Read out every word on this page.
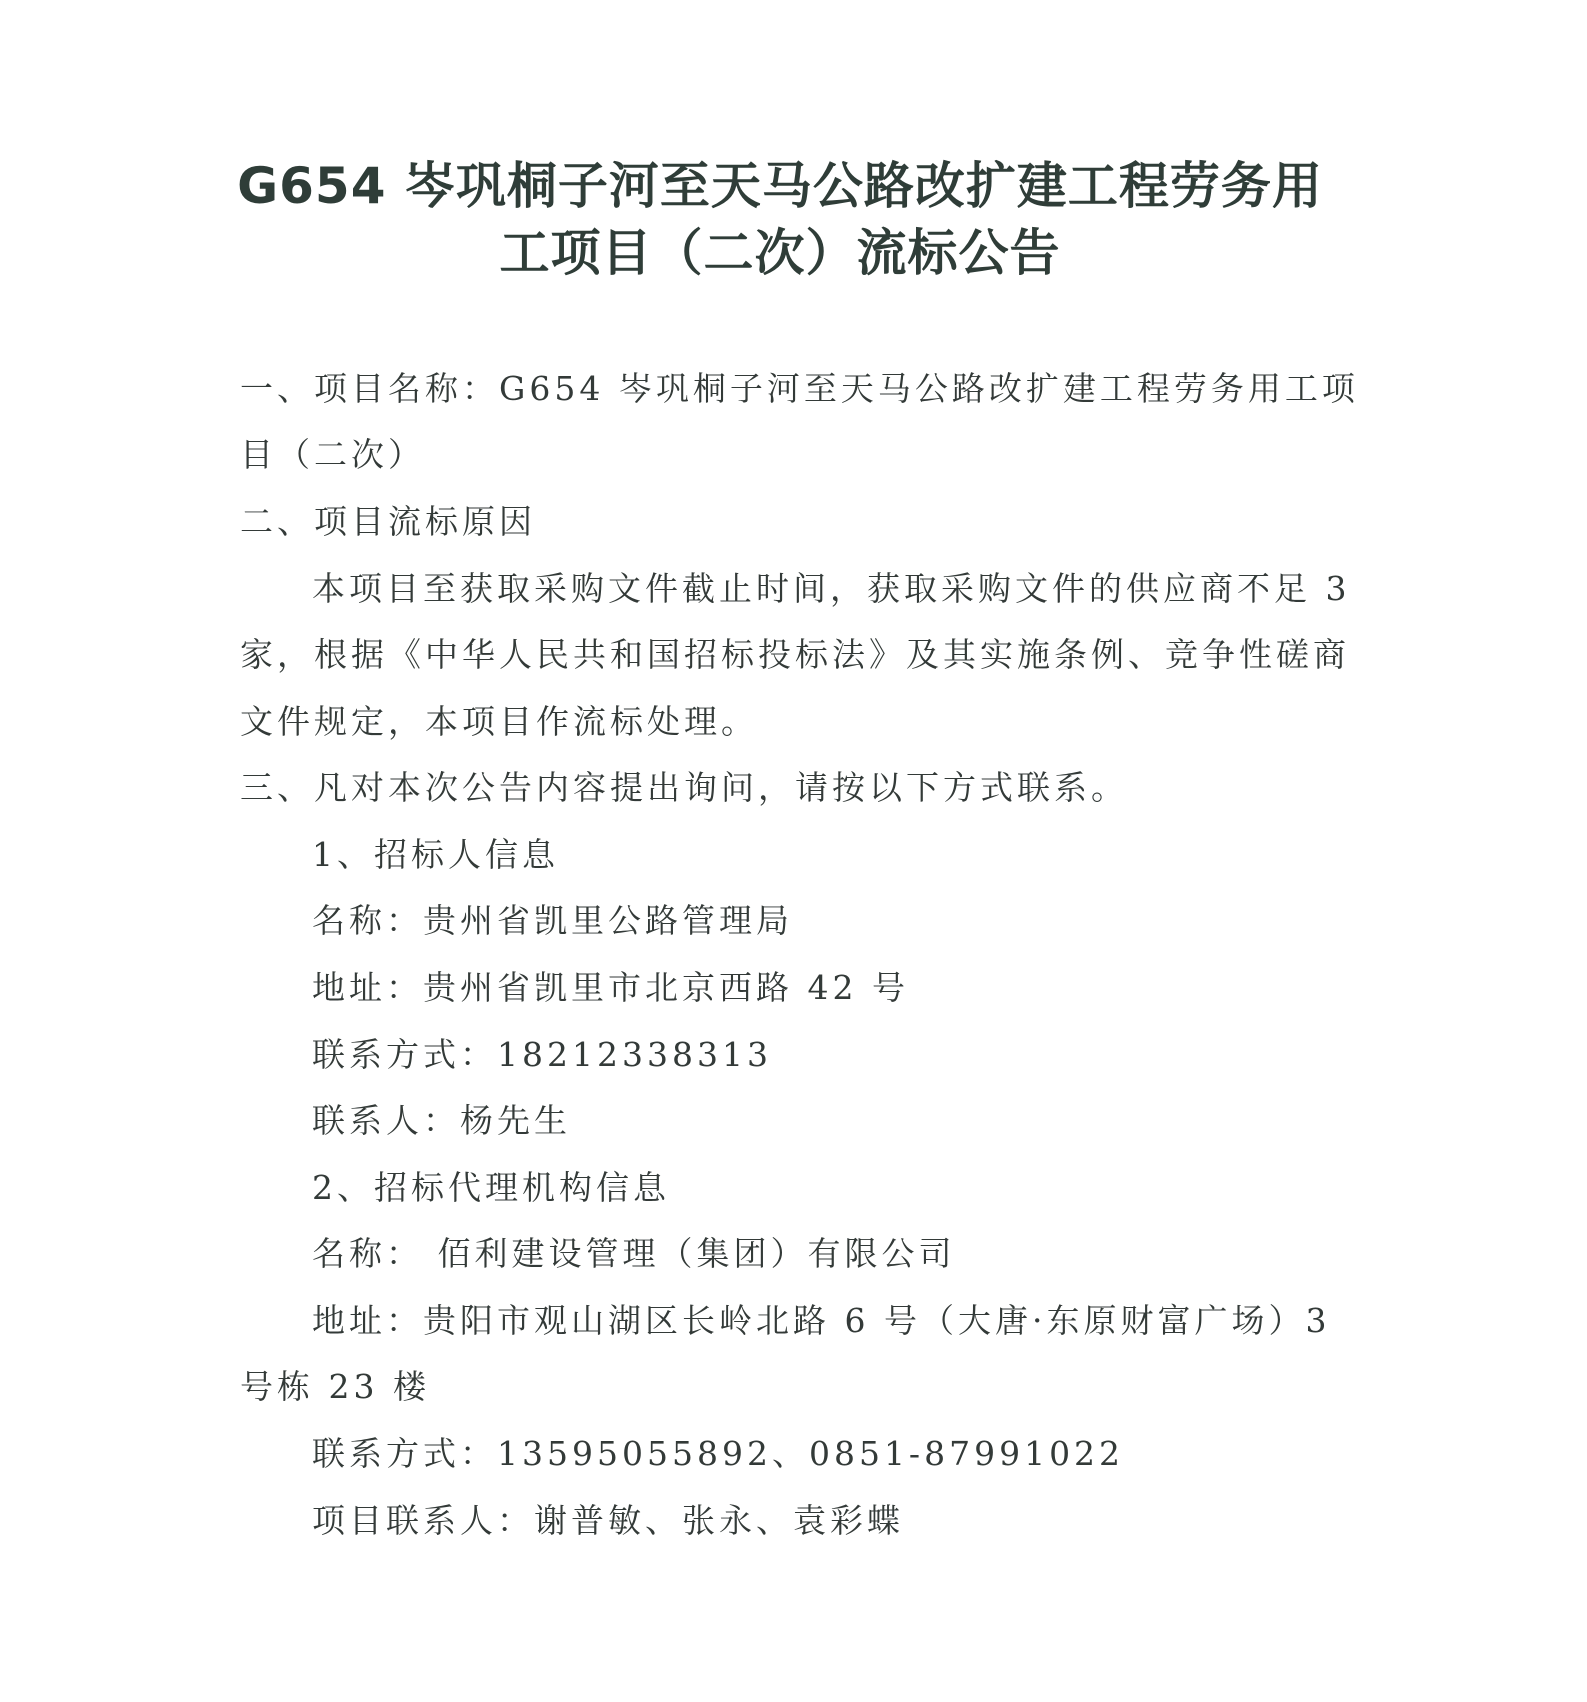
G654 岑巩桐子河至天马公路改扩建工程劳务用
工项目（二次）流标公告
一、项目名称：G654 岑巩桐子河至天马公路改扩建工程劳务用工项
目（二次）
二、项目流标原因
本项目至获取采购文件截止时间，获取采购文件的供应商不足 3
家，根据《中华人民共和国招标投标法》及其实施条例、竞争性磋商
文件规定，本项目作流标处理。
三、凡对本次公告内容提出询问，请按以下方式联系。
1、招标人信息
名称：贵州省凯里公路管理局
地址：贵州省凯里市北京西路 42 号
联系方式：18212338313
联系人：杨先生
2、招标代理机构信息
名称： 佰利建设管理（集团）有限公司
地址：贵阳市观山湖区长岭北路 6 号（大唐·东原财富广场）3
号栋 23 楼
联系方式：13595055892、0851-87991022
项目联系人：谢普敏、张永、袁彩蝶
